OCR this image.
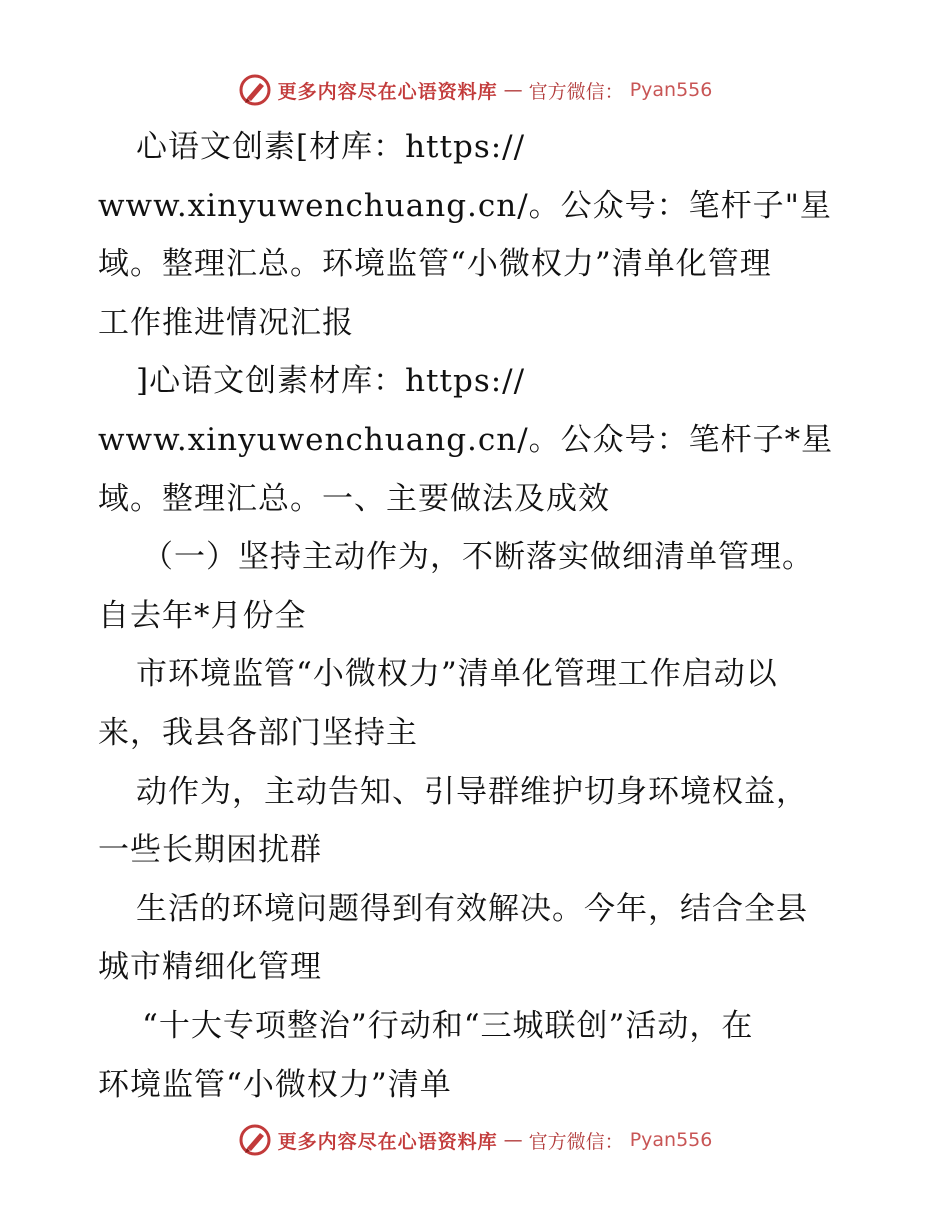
更多内容尽在心语资料库 — 官方微信： Pyan556
心语文创素[材库：https://
www.xinyuwenchuang.cn/。公众号：笔杆子"星
域。整理汇总。环境监管“小微权力”清单化管理
工作推进情况汇报
]心语文创素材库：https://
www.xinyuwenchuang.cn/。公众号：笔杆子*星
域。整理汇总。一、主要做法及成效
（一）坚持主动作为，不断落实做细清单管理。
自去年*月份全
市环境监管“小微权力”清单化管理工作启动以
来，我县各部门坚持主
动作为，主动告知、引导群维护切身环境权益，
一些长期困扰群
生活的环境问题得到有效解决。今年，结合全县
城市精细化管理
“十大专项整治”行动和“三城联创”活动，在
环境监管“小微权力”清单
更多内容尽在心语资料库 — 官方微信： Pyan556
